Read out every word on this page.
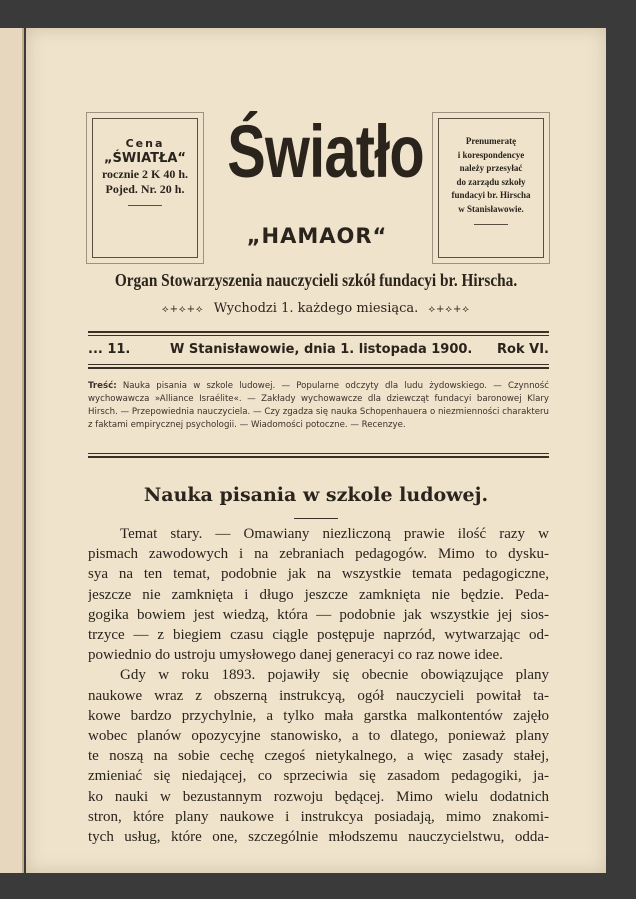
Cena
„ŚWIATŁA“
rocznie 2 K 40 h.
Pojed. Nr. 20 h. Światło
„HAMAOR“
Prenumeratę
i korespondencye
należy przesyłać
do zarządu szkoły
fundacyi br. Hirscha
w Stanisławowie.
Organ Stowarzyszenia nauczycieli szkół fundacyi br. Hirscha.
⟡+⟡+⟡ Wychodzi 1. każdego miesiąca. ⟡+⟡+⟡
... 11.	W Stanisławowie, dnia 1. listopada 1900. Rok VI.
Treść: Nauka pisania w szkole ludowej. — Popularne odczyty dla ludu żydowskiego. — Czynność wychowawcza »Alliance Israélite«. — Zakłady wychowawcze dla dziewcząt fundacyi baronowej Klary Hirsch. — Przepowiednia nauczyciela. — Czy zgadza się nauka Schopenhauera o niezmienności charakteru z faktami empirycznej psychologii. — Wiadomości potoczne. — Recenzye.
Nauka pisania w szkole ludowej.
Temat stary. — Omawiany niezliczoną prawie ilość razy w
pismach zawodowych i na zebraniach pedagogów. Mimo to dysku-
sya na ten temat, podobnie jak na wszystkie temata pedagogiczne,
jeszcze nie zamknięta i długo jeszcze zamknięta nie będzie. Peda-
gogika bowiem jest wiedzą, która — podobnie jak wszystkie jej sios-
trzyce — z biegiem czasu ciągle postępuje naprzód, wytwarzając od-
powiednio do ustroju umysłowego danej generacyi co raz nowe idee.
Gdy w roku 1893. pojawiły się obecnie obowiązujące plany
naukowe wraz z obszerną instrukcyą, ogół nauczycieli powitał ta-
kowe bardzo przychylnie, a tylko mała garstka malkontentów zajęło
wobec planów opozycyjne stanowisko, a to dlatego, ponieważ plany
te noszą na sobie cechę czegoś nietykalnego, a więc zasady stałej,
zmieniać się niedającej, co sprzeciwia się zasadom pedagogiki, ja-
ko nauki w bezustannym rozwoju będącej. Mimo wielu dodatnich
stron, które plany naukowe i instrukcya posiadają, mimo znakomi-
tych usług, które one, szczególnie młodszemu nauczycielstwu, odda-
